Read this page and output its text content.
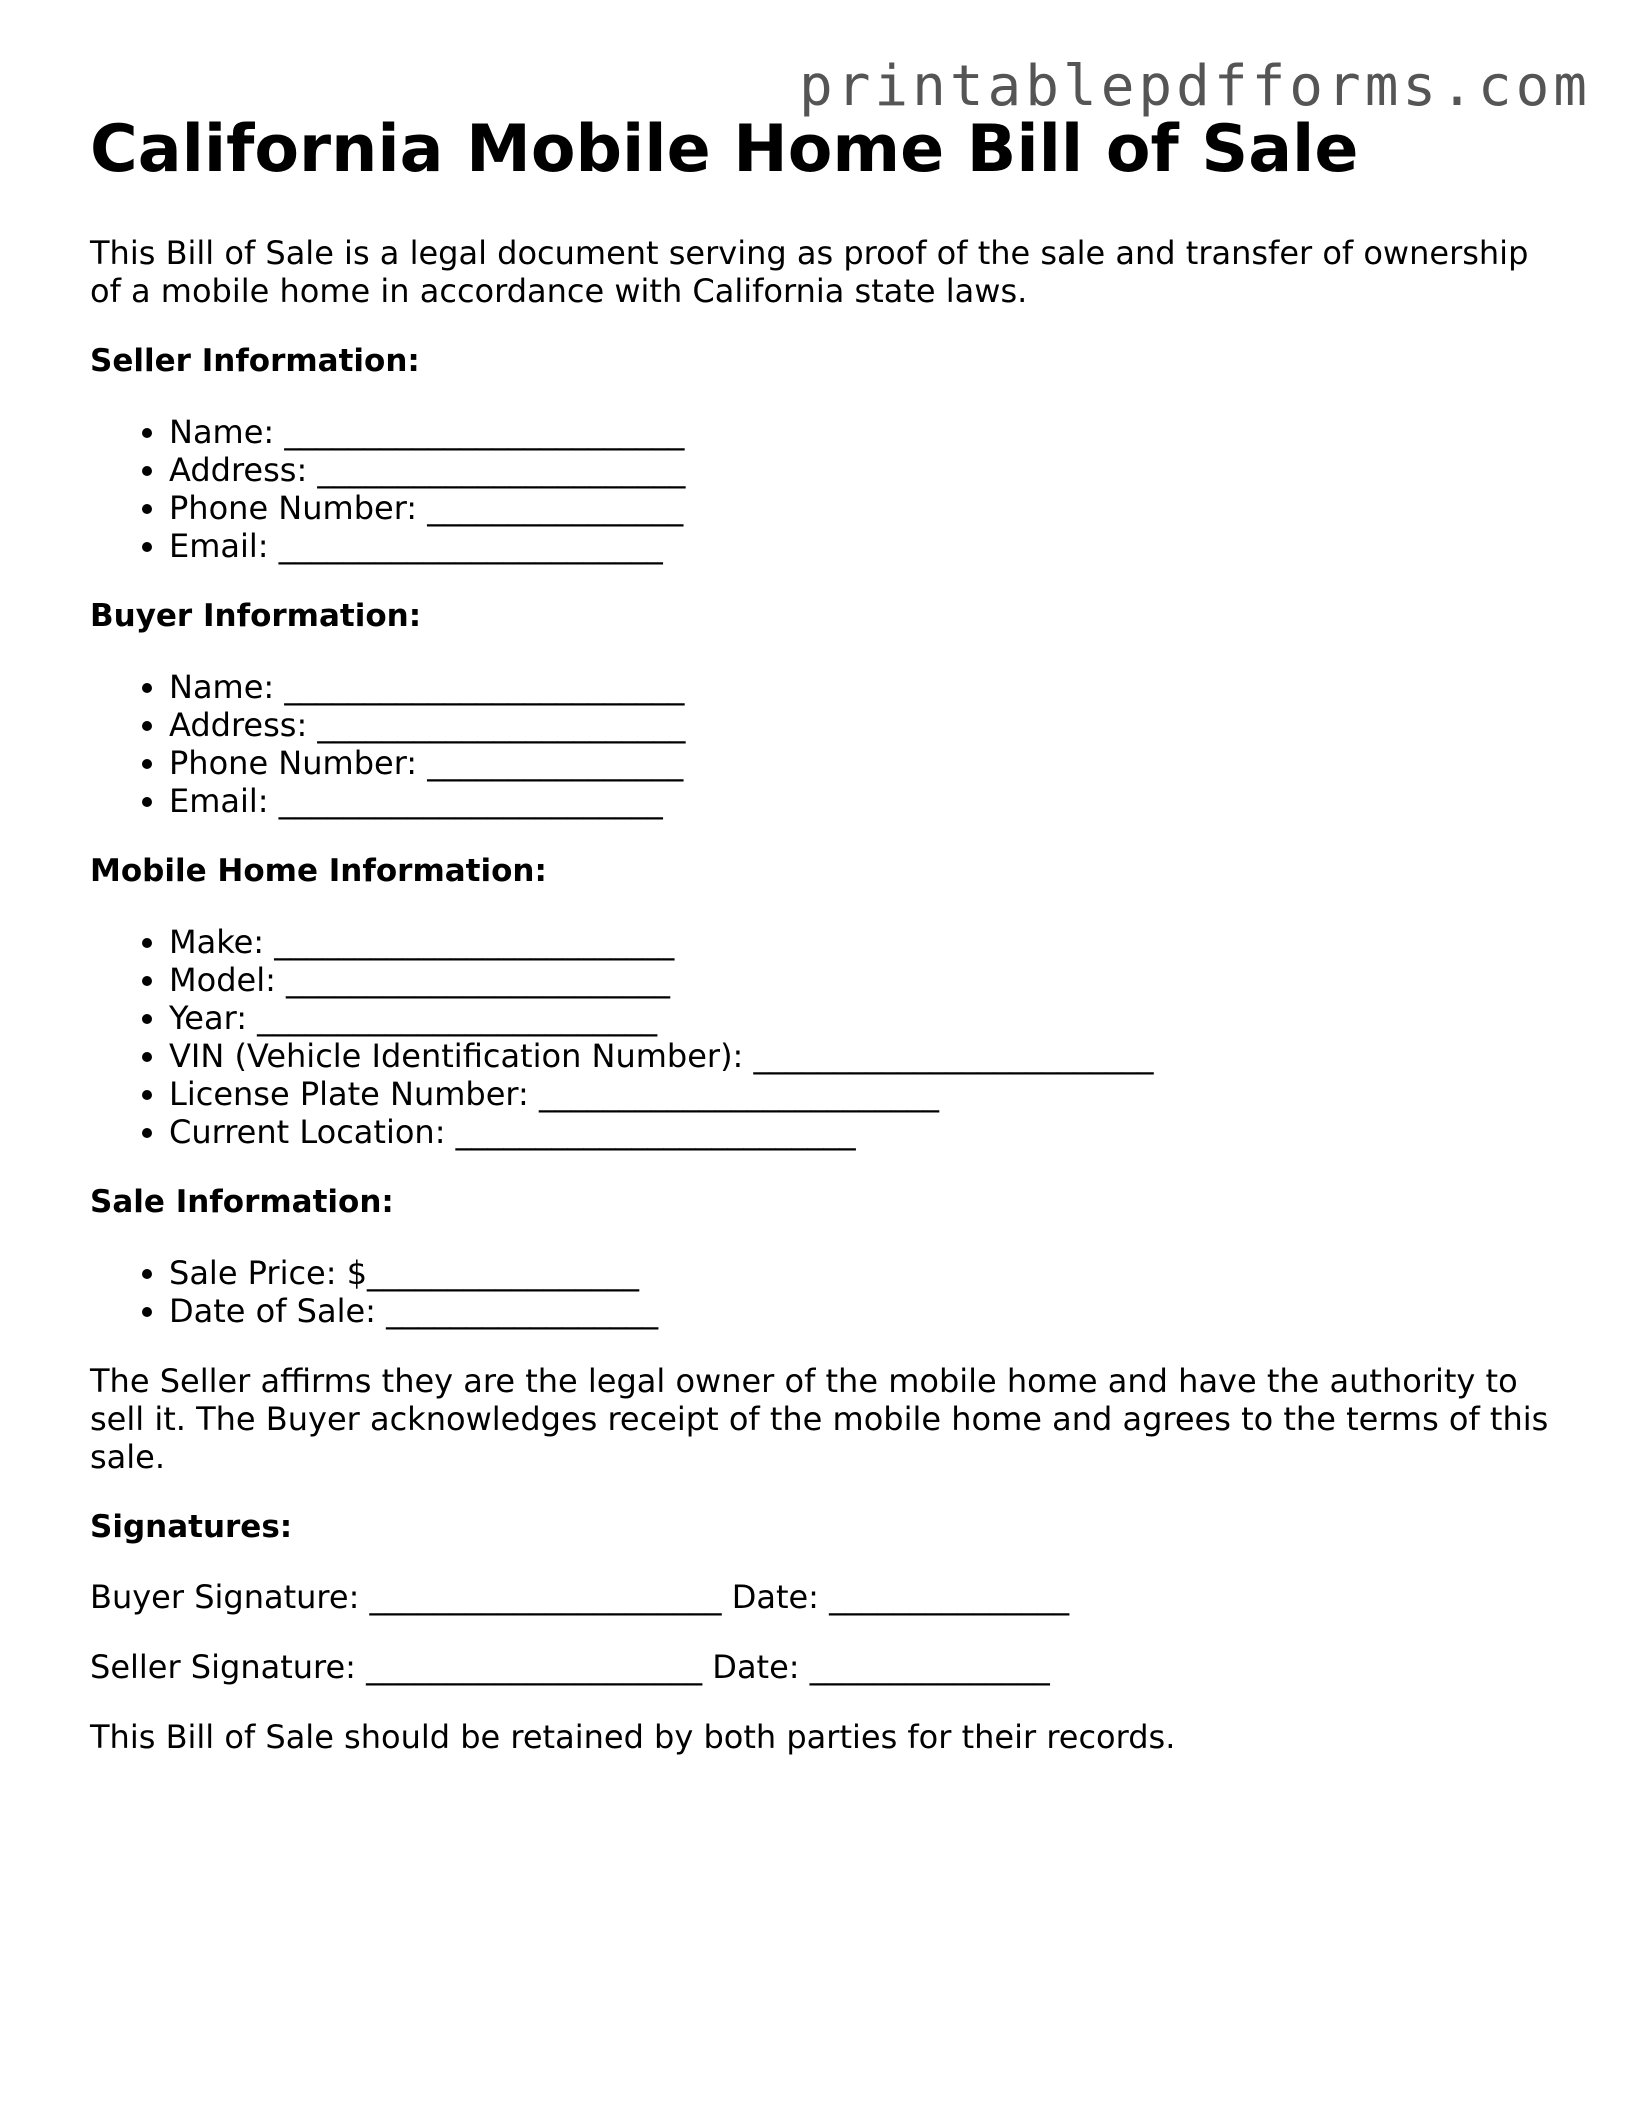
printablepdfforms.com
California Mobile Home Bill of Sale

This Bill of Sale is a legal document serving as proof of the sale and transfer of ownership of a mobile home in accordance with California state laws.

Seller Information:
• Name: _________________________
• Address: _______________________
• Phone Number: ________________
• Email: ________________________
Buyer Information:
• Name: _________________________
• Address: _______________________
• Phone Number: ________________
• Email: ________________________
Mobile Home Information:
• Make: _________________________
• Model: ________________________
• Year: _________________________
• VIN (Vehicle Identification Number): _________________________
• License Plate Number: _________________________
• Current Location: _________________________
Sale Information:
• Sale Price: $_________________
• Date of Sale: _________________

The Seller affirms they are the legal owner of the mobile home and have the authority to sell it. The Buyer acknowledges receipt of the mobile home and agrees to the terms of this sale.

Signatures:

Buyer Signature: ______________________ Date: _______________

Seller Signature: _____________________ Date: _______________

This Bill of Sale should be retained by both parties for their records.
